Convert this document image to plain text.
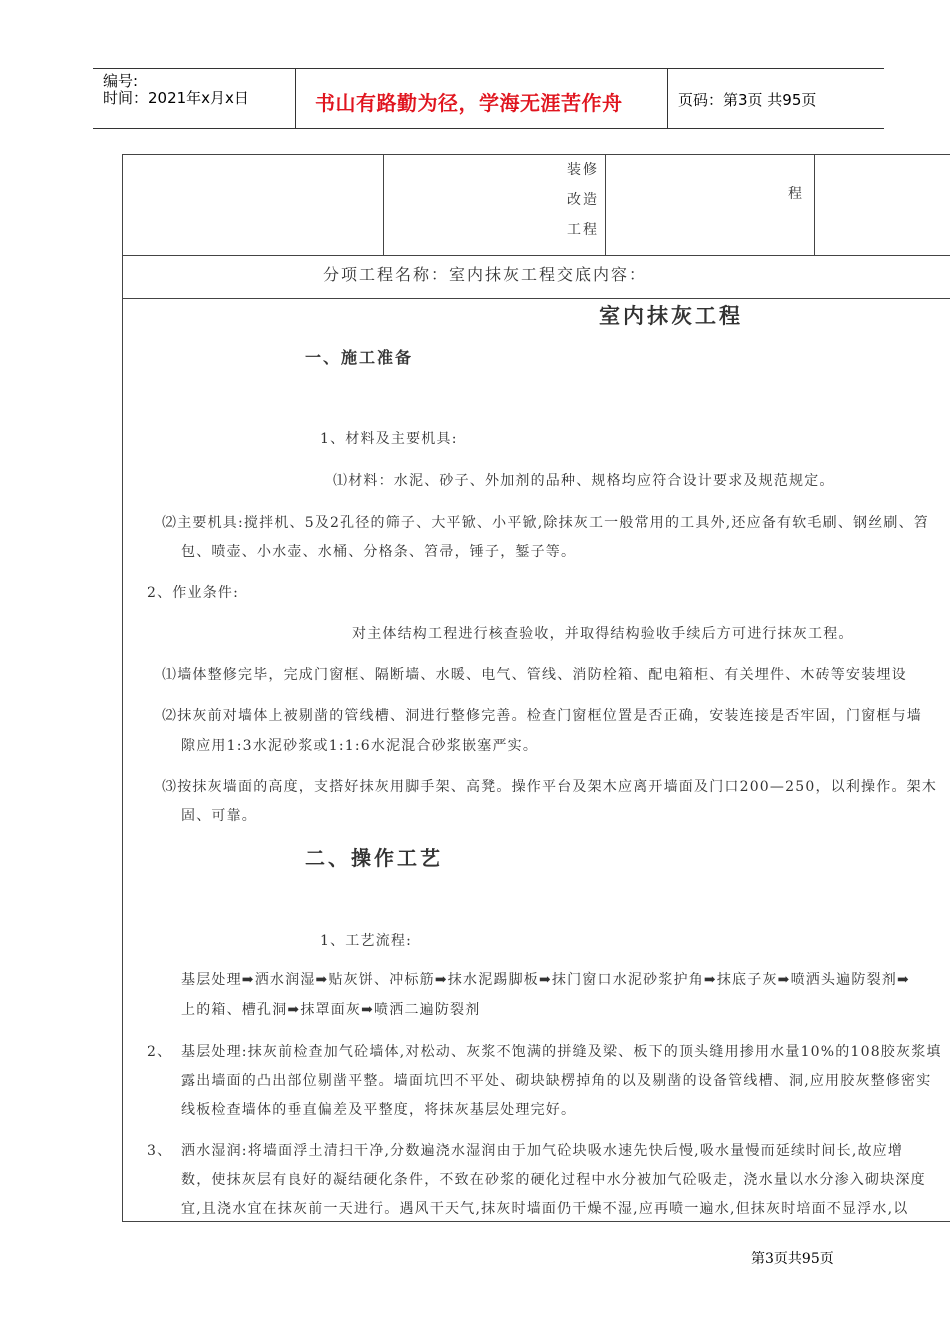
编号:
时间：2021年x月x日	书山有路勤为径，学海无涯苦作舟	页码：第3页 共95页
装修
改造
工程
程
分项工程名称：室内抹灰工程交底内容：
室内抹灰工程
一、施工准备
1、材料及主要机具:
⑴材料：水泥、砂子、外加剂的品种、规格均应符合设计要求及规范规定。
⑵主要机具:搅拌机、5及2孔径的筛子、大平锨、小平锨,除抹灰工一般常用的工具外,还应备有软毛刷、钢丝刷、笤
包、喷壶、小水壶、水桶、分格条、笤帚，锤子，錾子等。
2、作业条件:
对主体结构工程进行核查验收，并取得结构验收手续后方可进行抹灰工程。
⑴墙体整修完毕，完成门窗框、隔断墙、水暖、电气、管线、消防栓箱、配电箱柜、有关埋件、木砖等安装埋设
⑵抹灰前对墙体上被剔凿的管线槽、洞进行整修完善。检查门窗框位置是否正确，安装连接是否牢固，门窗框与墙
隙应用1:3水泥砂浆或1:1:6水泥混合砂浆嵌塞严实。
⑶按抹灰墙面的高度，支搭好抹灰用脚手架、高凳。操作平台及架木应离开墙面及门口200—250，以利操作。架木
固、可靠。
二、操作工艺
1、工艺流程:
基层处理➡洒水润湿➡贴灰饼、冲标筋➡抹水泥踢脚板➡抹门窗口水泥砂浆护角➡抹底子灰➡喷洒头遍防裂剂➡
上的箱、槽孔洞➡抹罩面灰➡喷洒二遍防裂剂
2、 基层处理:抹灰前检查加气砼墙体,对松动、灰浆不饱满的拼缝及梁、板下的顶头缝用掺用水量10%的108胶灰浆填
露出墙面的凸出部位剔凿平整。墙面坑凹不平处、砌块缺楞掉角的以及剔凿的设备管线槽、洞,应用胶灰整修密实
线板检查墙体的垂直偏差及平整度，将抹灰基层处理完好。
3、 洒水湿润:将墙面浮土清扫干净,分数遍浇水湿润由于加气砼块吸水速先快后慢,吸水量慢而延续时间长,故应增
数，使抹灰层有良好的凝结硬化条件，不致在砂浆的硬化过程中水分被加气砼吸走，浇水量以水分渗入砌块深度
宜,且浇水宜在抹灰前一天进行。遇风干天气,抹灰时墙面仍干燥不湿,应再喷一遍水,但抹灰时培面不显浮水,以
第3页共95页
